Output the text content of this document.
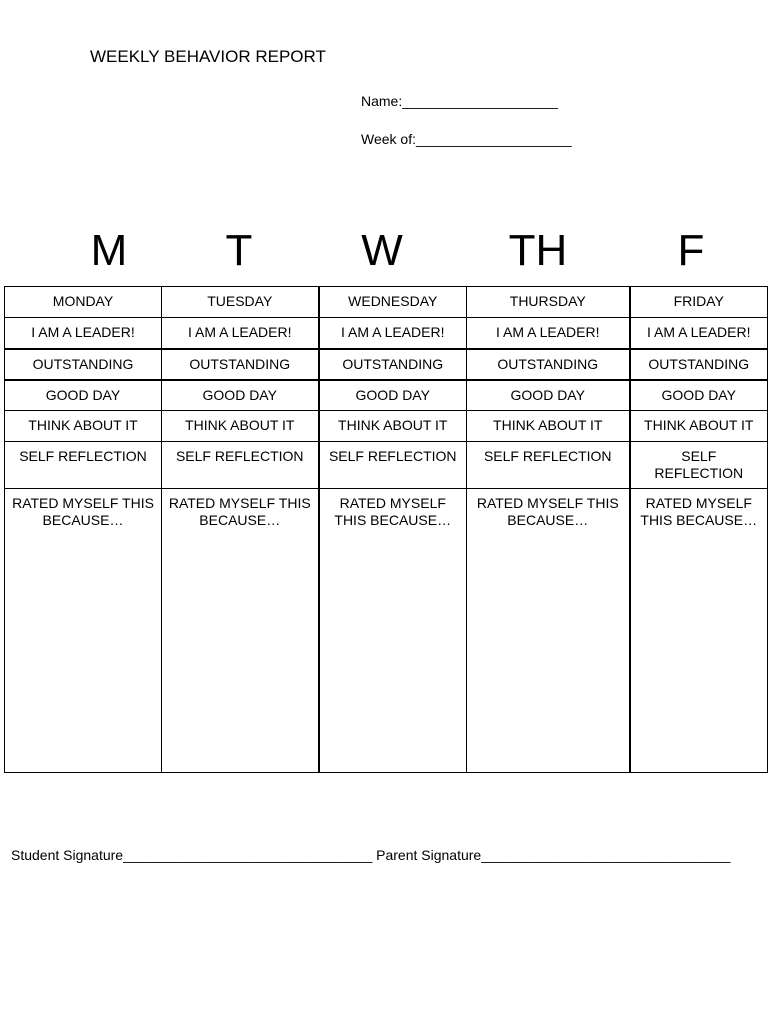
WEEKLY BEHAVIOR REPORT
Name:____________________
Week of:____________________
M T W TH	F
MONDAY	TUESDAY	WEDNESDAY	THURSDAY	FRIDAY
I AM A LEADER!	I AM A LEADER!	I AM A LEADER!	I AM A LEADER!	I AM A LEADER!
OUTSTANDING	OUTSTANDING	OUTSTANDING	OUTSTANDING	OUTSTANDING
GOOD DAY	GOOD DAY	GOOD DAY	GOOD DAY	GOOD DAY
THINK ABOUT IT	THINK ABOUT IT	THINK ABOUT IT	THINK ABOUT IT	THINK ABOUT IT
SELF REFLECTION	SELF REFLECTION	SELF REFLECTION	SELF REFLECTION	SELF REFLECTION
RATED MYSELF THIS BECAUSE…	RATED MYSELF THIS BECAUSE…	RATED MYSELF THIS BECAUSE…	RATED MYSELF THIS BECAUSE…	RATED MYSELF THIS BECAUSE…
Student Signature________________________________ Parent Signature________________________________
